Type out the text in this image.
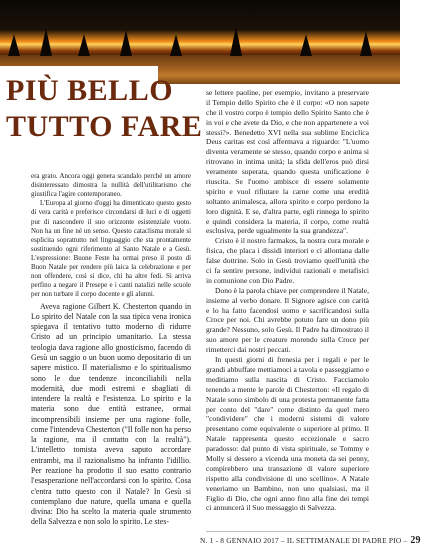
PIÙ BELLO
TUTTO FARE

era grato. Ancora oggi genera scandalo perché un amore disinteressato dimostra la nullità dell'utilitarismo che giustifica l'agire contemporaneo.

L'Europa al giorno d'oggi ha dimenticato questo gesto di vera carità e preferisce circondarsi di luci e di oggetti pur di nascondere il suo orizzonte esistenziale vuoto. Non ha un fine né un senso. Questo cataclisma morale si esplicita soprattutto nel linguaggio che sta prontamente sostituendo ogni riferimento al Santo Natale e a Gesù. L'espressione: Buone Feste ha ormai preso il posto di Buon Natale per rendere più laica la celebrazione e per non offendere, così si dice, chi ha altre fedi. Si arriva perfino a negare il Presepe e i canti natalizi nelle scuole per non turbare il corpo docente e gli alunni.

Aveva ragione Gilbert K. Chesterton quando in Lo spirito del Natale con la sua tipica vena ironica spiegava il tentativo tutto moderno di ridurre Cristo ad un principio umanitario. La stessa teologia dava ragione allo gnosticismo, facendo di Gesù un saggio o un buon uomo depositario di un sapere mistico. Il materialismo e lo spiritualismo sono le due tendenze inconciliabili nella modernità, due modi estremi e sbagliati di intendere la realtà e l'esistenza. Lo spirito e la materia sono due entità estranee, ormai incomprensibili insieme per una ragione folle, come l'intendeva Chesterton ("Il folle non ha perso la ragione, ma il contatto con la realtà"). L'intelletto tomista aveva saputo accordare entrambi, ma il razionalismo ha infranto l'idillio. Per reazione ha prodotto il suo esatto contrario l'esasperazione nell'accordarsi con lo spirito. Cosa c'entra tutto questo con il Natale? In Gesù si contemplano due nature, quella umana e quella divina: Dio ha scelto la materia quale strumento della Salvezza e non solo lo spirito. Le stes-

se lettere paoline, per esempio, invitano a preservare il Tempio dello Spirito che è il corpo: «O non sapete che il vostro corpo è tempio dello Spirito Santo che è in voi e che avete da Dio, e che non appartenete a voi stessi?». Benedetto XVI nella sua sublime Enciclica Deus caritas est così affermava a riguardo: "L'uomo diventa veramente se stesso, quando corpo e anima si ritrovano in intima unità; la sfida dell'eros può dirsi veramente superata, quando questa unificazione è riuscita. Se l'uomo ambisce di essere solamente spirito e vuol rifiutare la carne come una eredità soltanto animalesca, allora spirito e corpo perdono la loro dignità. E se, d'altra parte, egli rinnega lo spirito e quindi considera la materia, il corpo, come realtà esclusiva, perde ugualmente la sua grandezza".

Cristo è il nostro farmakos, la nostra cura morale e fisica, che placa i dissidi interiori e ci allontana dalle false dottrine. Solo in Gesù troviamo quell'unità che ci fa sentire persone, individui razionali e metafisici in comunione con Dio Padre.

Dono è la parola chiave per comprendere il Natale, insieme al verbo donare. Il Signore agisce con carità e lo ha fatto facendosi uomo e sacrificandosi sulla Croce per noi. Chi avrebbe potuto fare un dono più grande? Nessuno, solo Gesù. Il Padre ha dimostrato il suo amore per le creature morendo sulla Croce per rimetterci dai nostri peccati.

In questi giorni di frenesia per i regali e per le grandi abbuffate mettiamoci a tavola e passeggiamo e meditiamo sulla nascita di Cristo. Facciamolo tenendo a mente le parole di Chesterton: «Il regalo di Natale sono simbolo di una protesta permanente fatta per conto del "dare" come distinto da quel mero "condividere" che i moderni sistemi di valore presentano come equivalente o superiore al primo. Il Natale rappresenta questo eccezionale e sacro paradosso: dal punto di vista spirituale, se Tommy e Molly si dessero a vicenda una moneta da sei penny, compirebbero una transazione di valore superiore rispetto alla condivisione di uno scellino». A Natale veneriamo un Bambino, non uno qualsiasi, ma il Figlio di Dio, che ogni anno fino alla fine dei tempi ci annuncerà il Suo messaggio di Salvezza.

N. 1 - 8 GENNAIO 2017 – IL SETTIMANALE DI PADRE PIO – 29
